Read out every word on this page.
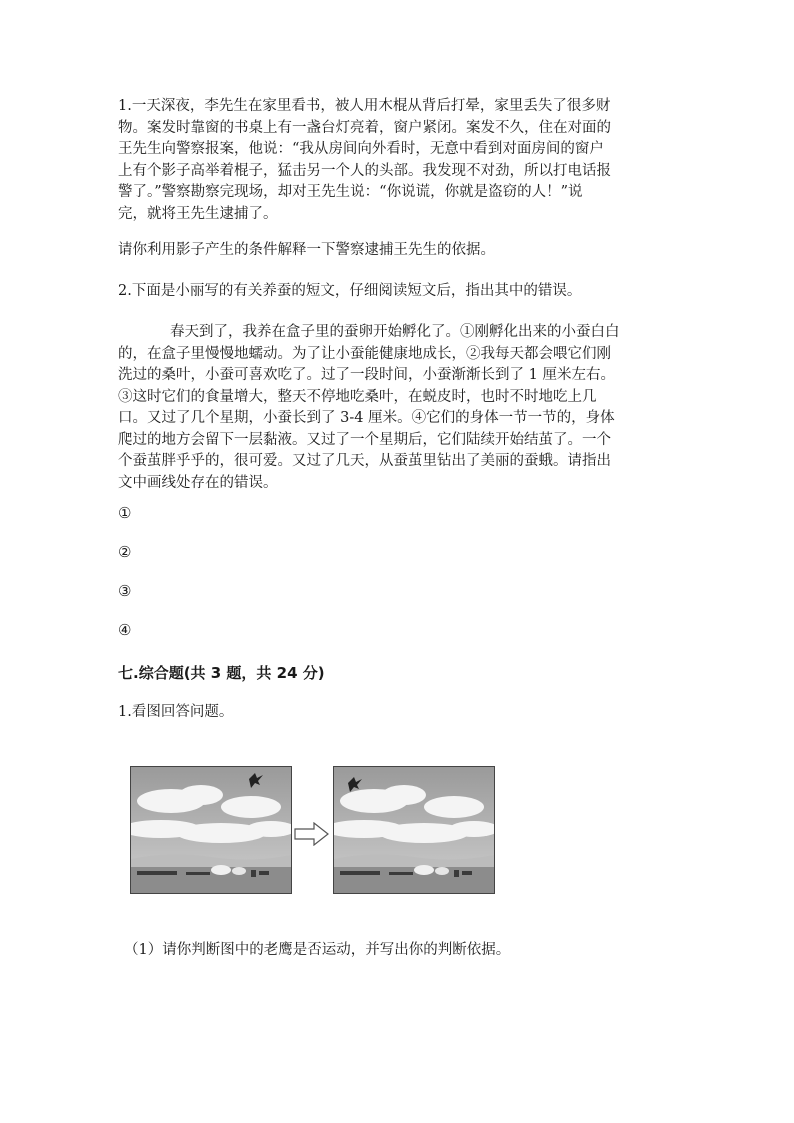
1.一天深夜，李先生在家里看书，被人用木棍从背后打晕，家里丢失了很多财
物。案发时靠窗的书桌上有一盏台灯亮着，窗户紧闭。案发不久，住在对面的
王先生向警察报案，他说：“我从房间向外看时，无意中看到对面房间的窗户
上有个影子高举着棍子，猛击另一个人的头部。我发现不对劲，所以打电话报
警了。”警察勘察完现场，却对王先生说：“你说谎，你就是盗窃的人！”说
完，就将王先生逮捕了。
请你利用影子产生的条件解释一下警察逮捕王先生的依据。
2.下面是小丽写的有关养蚕的短文，仔细阅读短文后，指出其中的错误。
春天到了，我养在盒子里的蚕卵开始孵化了。①刚孵化出来的小蚕白白
的，在盒子里慢慢地蠕动。为了让小蚕能健康地成长，②我每天都会喂它们刚
洗过的桑叶，小蚕可喜欢吃了。过了一段时间，小蚕渐渐长到了 1 厘米左右。
③这时它们的食量增大，整天不停地吃桑叶，在蜕皮时，也时不时地吃上几
口。又过了几个星期，小蚕长到了 3-4 厘米。④它们的身体一节一节的，身体
爬过的地方会留下一层黏液。又过了一个星期后，它们陆续开始结茧了。一个
个蚕茧胖乎乎的，很可爱。又过了几天，从蚕茧里钻出了美丽的蚕蛾。请指出
文中画线处存在的错误。
①
②
③
④
七.综合题(共 3 题，共 24 分)
1.看图回答问题。
（1）请你判断图中的老鹰是否运动，并写出你的判断依据。
